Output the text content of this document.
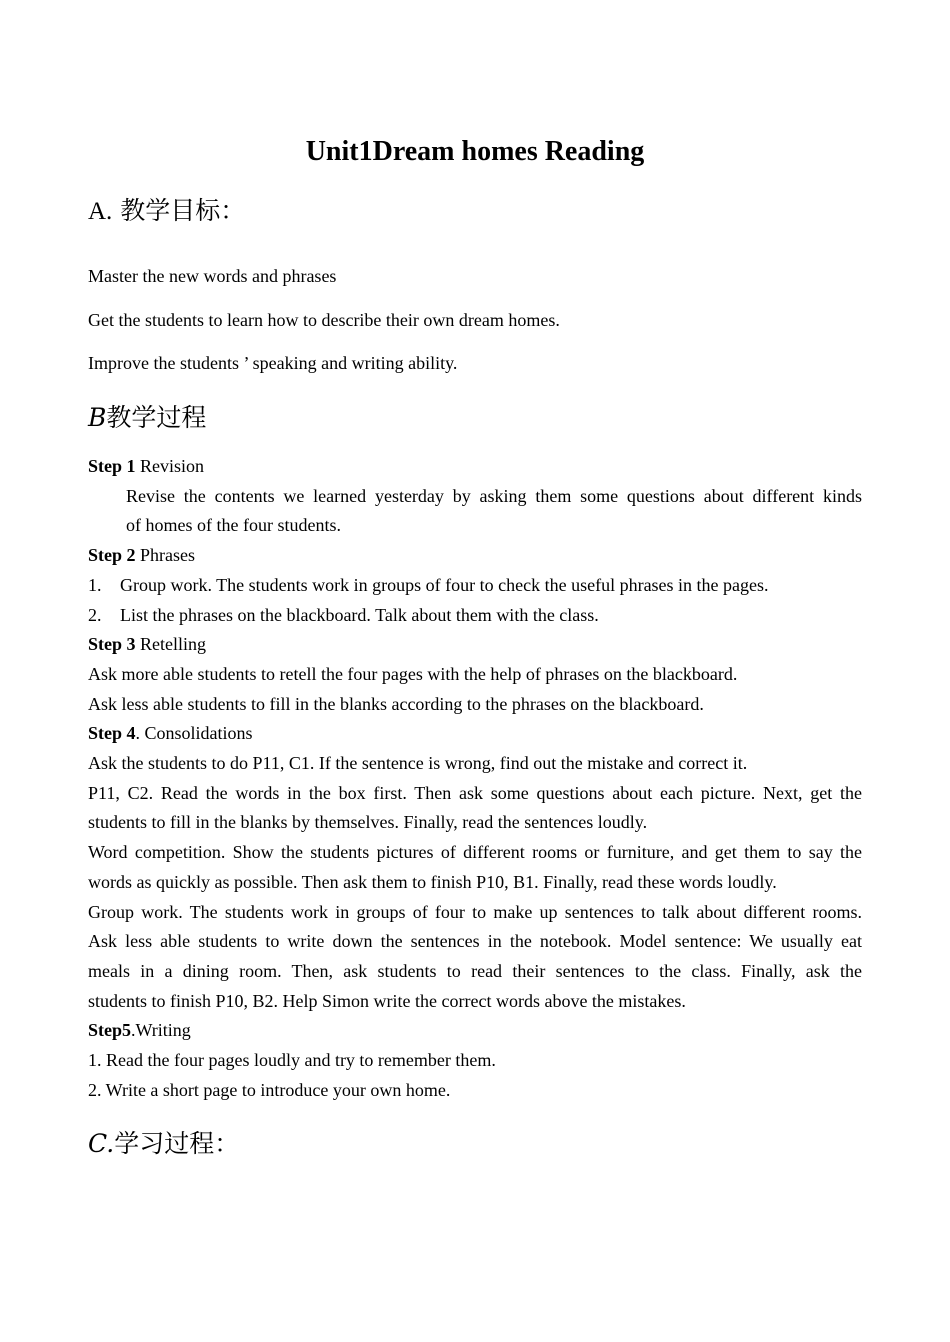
Unit1Dream homes Reading
A. 教学目标：
Master the new words and phrases
Get the students to learn how to describe their own dream homes.
Improve the students ’ speaking and writing ability.
B教学过程
Step 1 Revision
Revise the contents we learned yesterday by asking them some questions about different kinds
of homes of the four students.
Step 2 Phrases
1. Group work. The students work in groups of four to check the useful phrases in the pages.
2. List the phrases on the blackboard. Talk about them with the class.
Step 3 Retelling
Ask more able students to retell the four pages with the help of phrases on the blackboard.
Ask less able students to fill in the blanks according to the phrases on the blackboard.
Step 4. Consolidations
Ask the students to do P11, C1. If the sentence is wrong, find out the mistake and correct it.
P11, C2. Read the words in the box first. Then ask some questions about each picture. Next, get the
students to fill in the blanks by themselves. Finally, read the sentences loudly.
Word competition. Show the students pictures of different rooms or furniture, and get them to say the
words as quickly as possible. Then ask them to finish P10, B1. Finally, read these words loudly.
Group work. The students work in groups of four to make up sentences to talk about different rooms.
Ask less able students to write down the sentences in the notebook. Model sentence: We usually eat
meals in a dining room. Then, ask students to read their sentences to the class. Finally, ask the
students to finish P10, B2. Help Simon write the correct words above the mistakes.
Step5.Writing
1. Read the four pages loudly and try to remember them.
2. Write a short page to introduce your own home.
C.学习过程：
